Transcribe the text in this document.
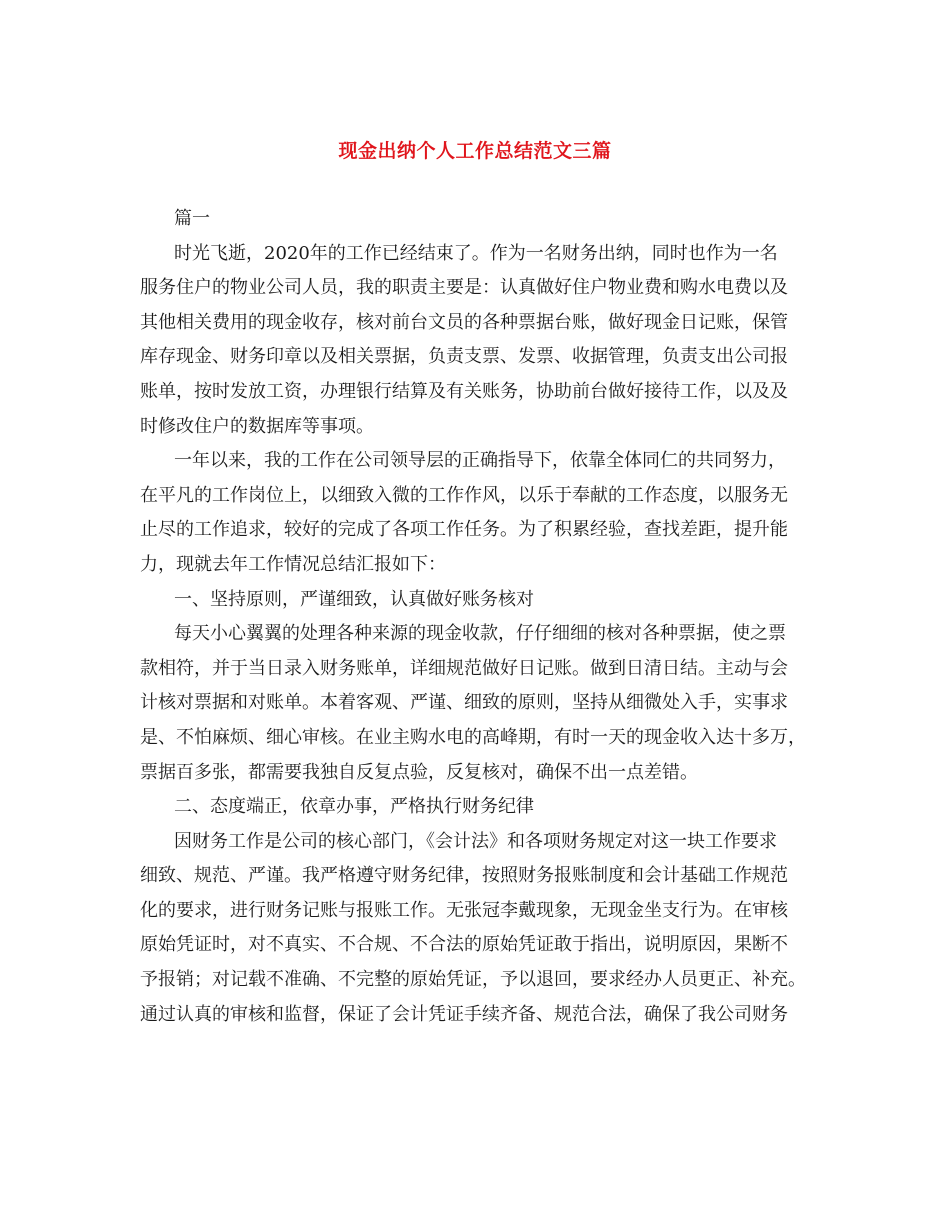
现金出纳个人工作总结范文三篇
篇一
时光飞逝，2020年的工作已经结束了。作为一名财务出纳，同时也作为一名
服务住户的物业公司人员，我的职责主要是：认真做好住户物业费和购水电费以及
其他相关费用的现金收存，核对前台文员的各种票据台账，做好现金日记账，保管
库存现金、财务印章以及相关票据，负责支票、发票、收据管理，负责支出公司报
账单，按时发放工资，办理银行结算及有关账务，协助前台做好接待工作，以及及
时修改住户的数据库等事项。
一年以来，我的工作在公司领导层的正确指导下，依靠全体同仁的共同努力，
在平凡的工作岗位上，以细致入微的工作作风，以乐于奉献的工作态度，以服务无
止尽的工作追求，较好的完成了各项工作任务。为了积累经验，查找差距，提升能
力，现就去年工作情况总结汇报如下：
一、坚持原则，严谨细致，认真做好账务核对
每天小心翼翼的处理各种来源的现金收款，仔仔细细的核对各种票据，使之票
款相符，并于当日录入财务账单，详细规范做好日记账。做到日清日结。主动与会
计核对票据和对账单。本着客观、严谨、细致的原则，坚持从细微处入手，实事求
是、不怕麻烦、细心审核。在业主购水电的高峰期，有时一天的现金收入达十多万，
票据百多张，都需要我独自反复点验，反复核对，确保不出一点差错。
二、态度端正，依章办事，严格执行财务纪律
因财务工作是公司的核心部门，《会计法》和各项财务规定对这一块工作要求
细致、规范、严谨。我严格遵守财务纪律，按照财务报账制度和会计基础工作规范
化的要求，进行财务记账与报账工作。无张冠李戴现象，无现金坐支行为。在审核
原始凭证时，对不真实、不合规、不合法的原始凭证敢于指出，说明原因，果断不
予报销；对记载不准确、不完整的原始凭证，予以退回，要求经办人员更正、补充。
通过认真的审核和监督，保证了会计凭证手续齐备、规范合法，确保了我公司财务
